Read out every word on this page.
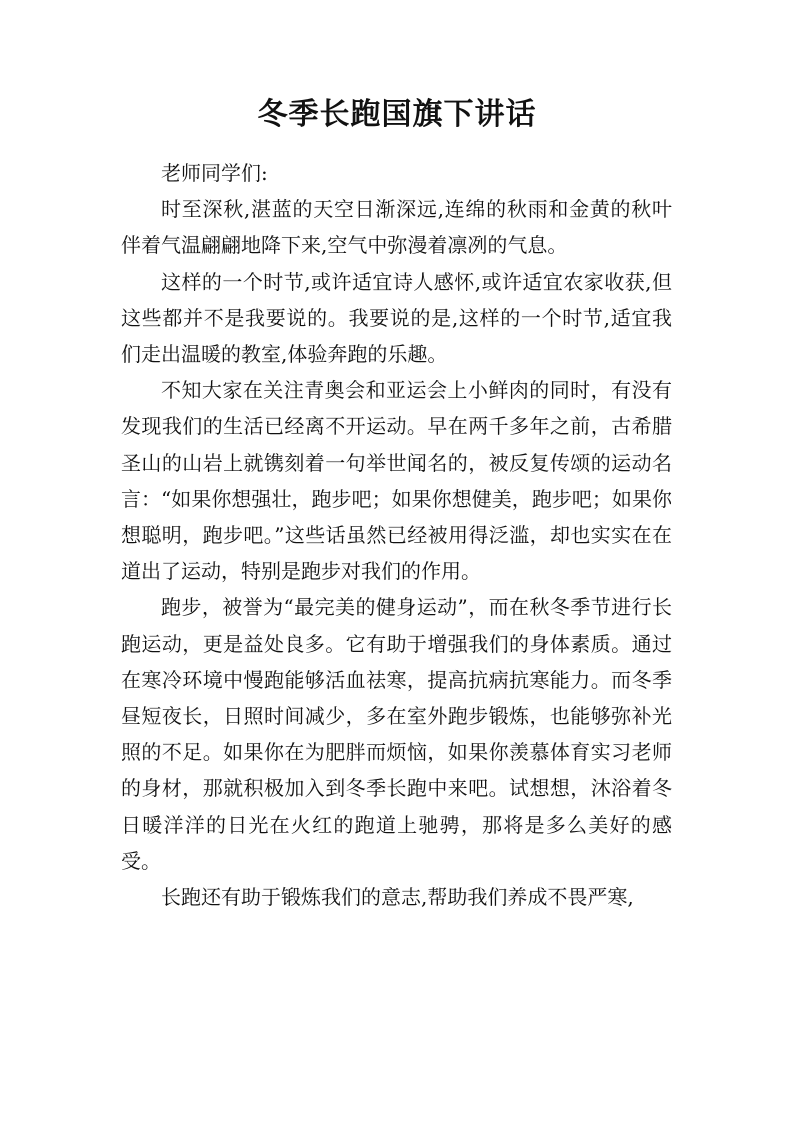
冬季长跑国旗下讲话

老师同学们:

时至深秋,湛蓝的天空日渐深远,连绵的秋雨和金黄的秋叶伴着气温翩翩地降下来,空气中弥漫着凛冽的气息。

这样的一个时节,或许适宜诗人感怀,或许适宜农家收获,但这些都并不是我要说的。我要说的是,这样的一个时节,适宜我们走出温暖的教室,体验奔跑的乐趣。

不知大家在关注青奥会和亚运会上小鲜肉的同时，有没有发现我们的生活已经离不开运动。早在两千多年之前，古希腊圣山的山岩上就镌刻着一句举世闻名的，被反复传颂的运动名言：“如果你想强壮，跑步吧；如果你想健美，跑步吧；如果你想聪明，跑步吧。”这些话虽然已经被用得泛滥，却也实实在在道出了运动，特别是跑步对我们的作用。

跑步，被誉为“最完美的健身运动”，而在秋冬季节进行长跑运动，更是益处良多。它有助于增强我们的身体素质。通过在寒冷环境中慢跑能够活血祛寒，提高抗病抗寒能力。而冬季昼短夜长，日照时间减少，多在室外跑步锻炼，也能够弥补光照的不足。如果你在为肥胖而烦恼，如果你羡慕体育实习老师的身材，那就积极加入到冬季长跑中来吧。试想想，沐浴着冬日暖洋洋的日光在火红的跑道上驰骋，那将是多么美好的感受。

长跑还有助于锻炼我们的意志,帮助我们养成不畏严寒,
